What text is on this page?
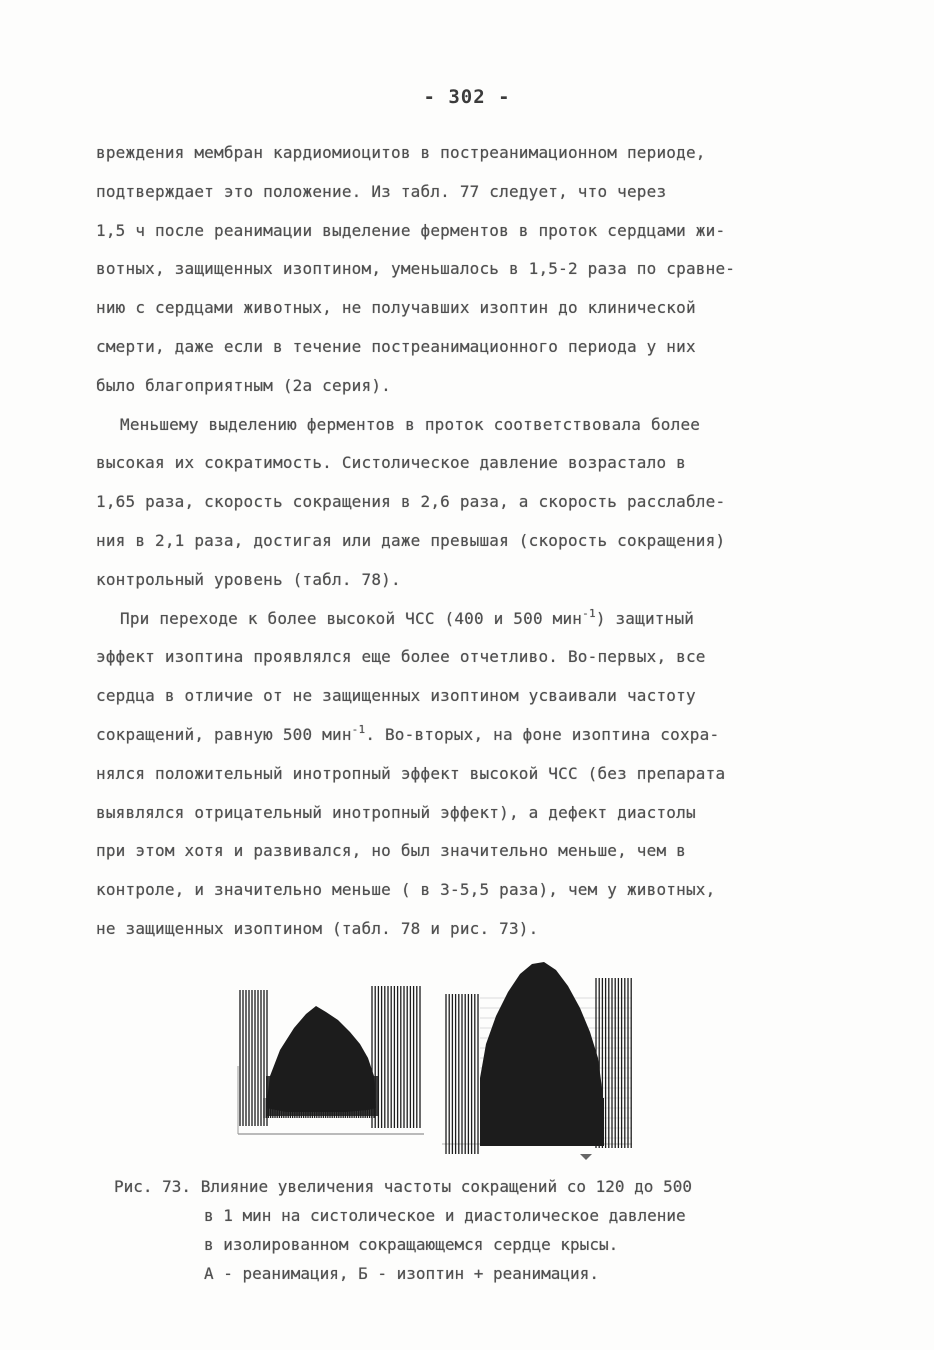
- 302 -
вреждения мембран кардиомиоцитов в постреанимационном периоде,
подтверждает это положение. Из табл. 77 следует, что через
1,5 ч после реанимации выделение ферментов в проток сердцами жи-
вотных, защищенных изоптином, уменьшалось в 1,5-2 раза по сравне-
нию с сердцами животных, не получавших изоптин до клинической
смерти, даже если в течение постреанимационного периода у них
было благоприятным (2а серия).
Меньшему выделению ферментов в проток соответствовала более
высокая их сократимость. Систолическое давление возрастало в
1,65 раза, скорость сокращения в 2,6 раза, а скорость расслабле-
ния в 2,1 раза, достигая или даже превышая (скорость сокращения)
контрольный уровень (табл. 78).
При переходе к более высокой ЧСС (400 и 500 мин$^{-1}$) защитный
эффект изоптина проявлялся еще более отчетливо. Во-первых, все
сердца в отличие от не защищенных изоптином усваивали частоту
сокращений, равную 500 мин$^{-1}$. Во-вторых, на фоне изоптина сохра-
нялся положительный инотропный эффект высокой ЧСС (без препарата
выявлялся отрицательный инотропный эффект), а дефект диастолы
при этом хотя и развивался, но был значительно меньше, чем в
контроле, и значительно меньше ( в 3-5,5 раза), чем у животных,
не защищенных изоптином (табл. 78 и рис. 73).
Рис. 73. Влияние увеличения частоты сокращений со 120 до 500
в 1 мин на систолическое и диастолическое давление
в изолированном сокращающемся сердце крысы.
А - реанимация, Б - изоптин + реанимация.
